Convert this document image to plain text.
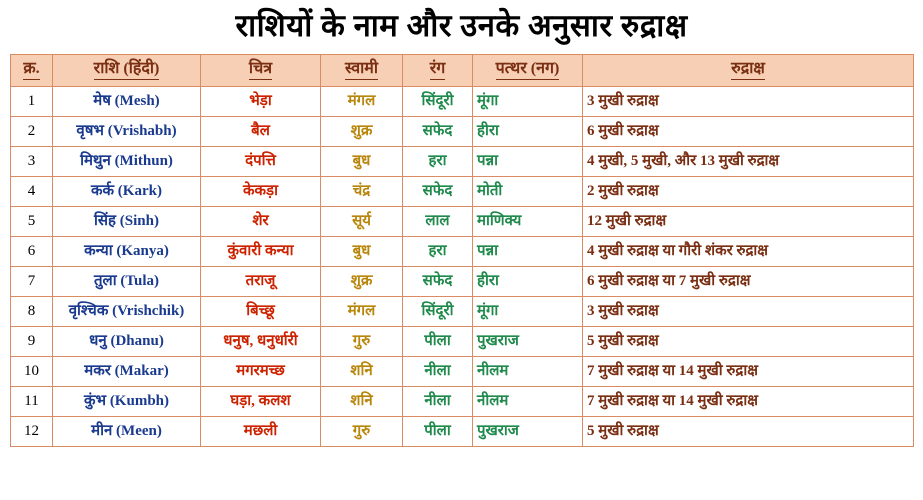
राशियों के नाम और उनके अनुसार रुद्राक्ष
क्र.	राशि (हिंदी)	चित्र	स्वामी	रंग	पत्थर (नग)	रुद्राक्ष
1	मेष (Mesh)	भेड़ा	मंगल	सिंदूरी	मूंगा	3 मुखी रुद्राक्ष
2	वृषभ (Vrishabh)	बैल	शुक्र	सफेद	हीरा	6 मुखी रुद्राक्ष
3	मिथुन (Mithun)	दंपत्ति	बुध	हरा	पन्ना	4 मुखी, 5 मुखी, और 13 मुखी रुद्राक्ष
4	कर्क (Kark)	केकड़ा	चंद्र	सफेद	मोती	2 मुखी रुद्राक्ष
5	सिंह (Sinh)	शेर	सूर्य	लाल	माणिक्य	12 मुखी रुद्राक्ष
6	कन्या (Kanya)	कुंवारी कन्या	बुध	हरा	पन्ना	4 मुखी रुद्राक्ष या गौरी शंकर रुद्राक्ष
7	तुला (Tula)	तराजू	शुक्र	सफेद	हीरा	6 मुखी रुद्राक्ष या 7 मुखी रुद्राक्ष
8	वृश्चिक (Vrishchik)	बिच्छू	मंगल	सिंदूरी	मूंगा	3 मुखी रुद्राक्ष
9	धनु (Dhanu)	धनुष, धनुर्धारी	गुरु	पीला	पुखराज	5 मुखी रुद्राक्ष
10	मकर (Makar)	मगरमच्छ	शनि	नीला	नीलम	7 मुखी रुद्राक्ष या 14 मुखी रुद्राक्ष
11	कुंभ (Kumbh)	घड़ा, कलश	शनि	नीला	नीलम	7 मुखी रुद्राक्ष या 14 मुखी रुद्राक्ष
12	मीन (Meen)	मछली	गुरु	पीला	पुखराज	5 मुखी रुद्राक्ष
